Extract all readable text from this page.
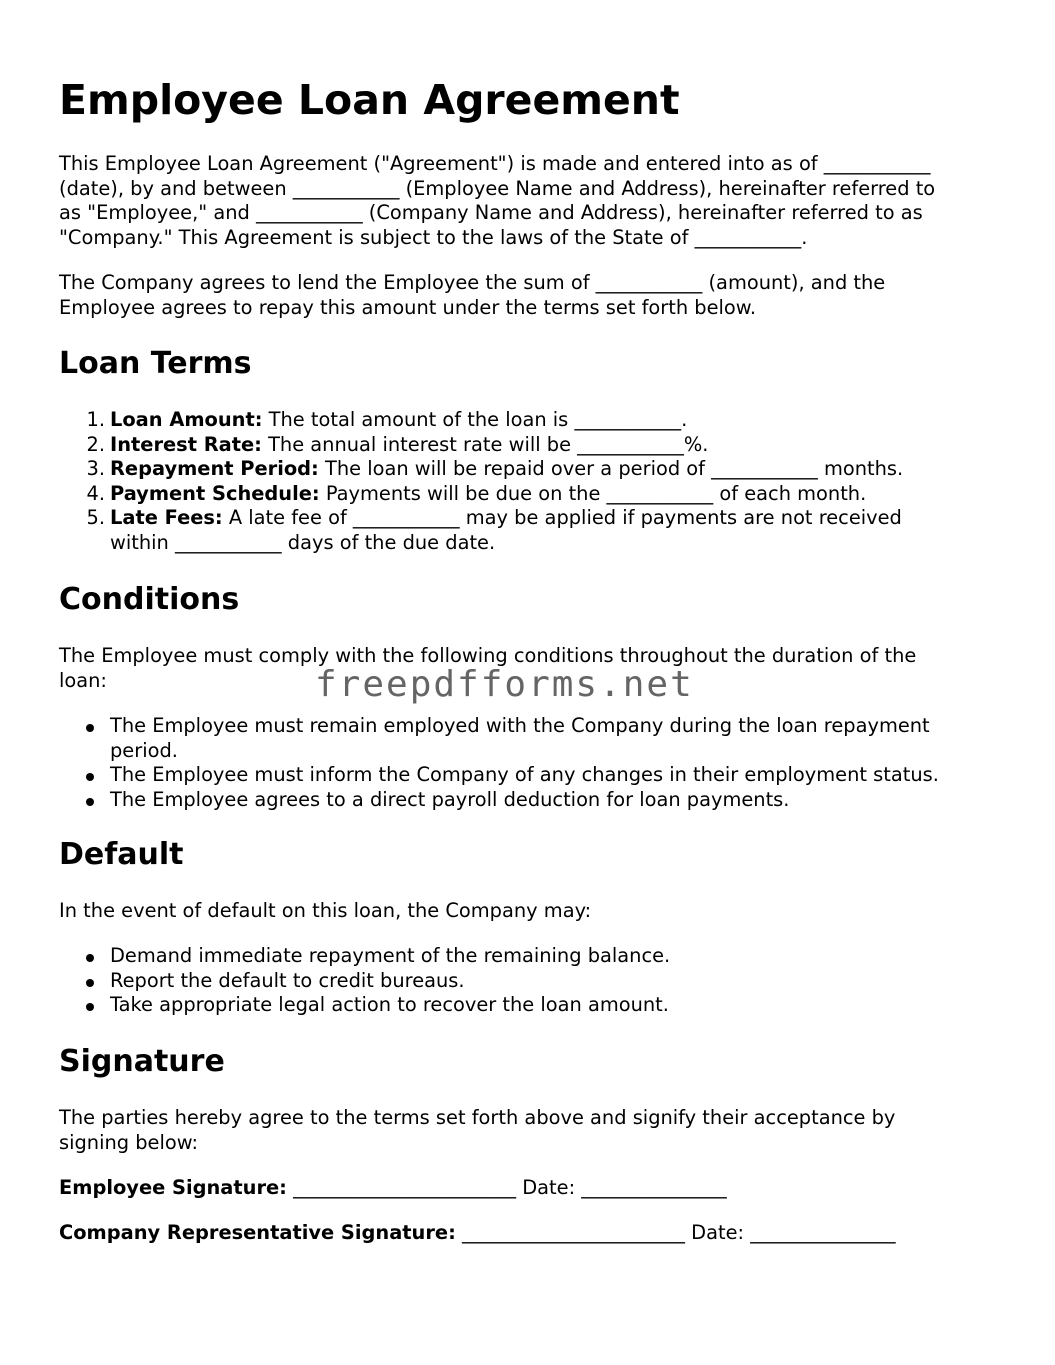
Employee Loan Agreement
This Employee Loan Agreement ("Agreement") is made and entered into as of ___________
(date), by and between ___________ (Employee Name and Address), hereinafter referred to
as "Employee," and ___________ (Company Name and Address), hereinafter referred to as
"Company." This Agreement is subject to the laws of the State of ___________.
The Company agrees to lend the Employee the sum of ___________ (amount), and the
Employee agrees to repay this amount under the terms set forth below.
Loan Terms
1. Loan Amount: The total amount of the loan is ___________.
2. Interest Rate: The annual interest rate will be ___________%.
3. Repayment Period: The loan will be repaid over a period of ___________ months.
4. Payment Schedule: Payments will be due on the ___________ of each month.
5. Late Fees: A late fee of ___________ may be applied if payments are not received
within ___________ days of the due date.
Conditions
The Employee must comply with the following conditions throughout the duration of the
loan:
The Employee must remain employed with the Company during the loan repayment
period.
The Employee must inform the Company of any changes in their employment status.
The Employee agrees to a direct payroll deduction for loan payments.
Default

In the event of default on this loan, the Company may:

Demand immediate repayment of the remaining balance.
Report the default to credit bureaus.
Take appropriate legal action to recover the loan amount.
Signature
The parties hereby agree to the terms set forth above and signify their acceptance by
signing below:

Employee Signature: _______________________ Date: _______________

Company Representative Signature: _______________________ Date: _______________

freepdfforms.net
